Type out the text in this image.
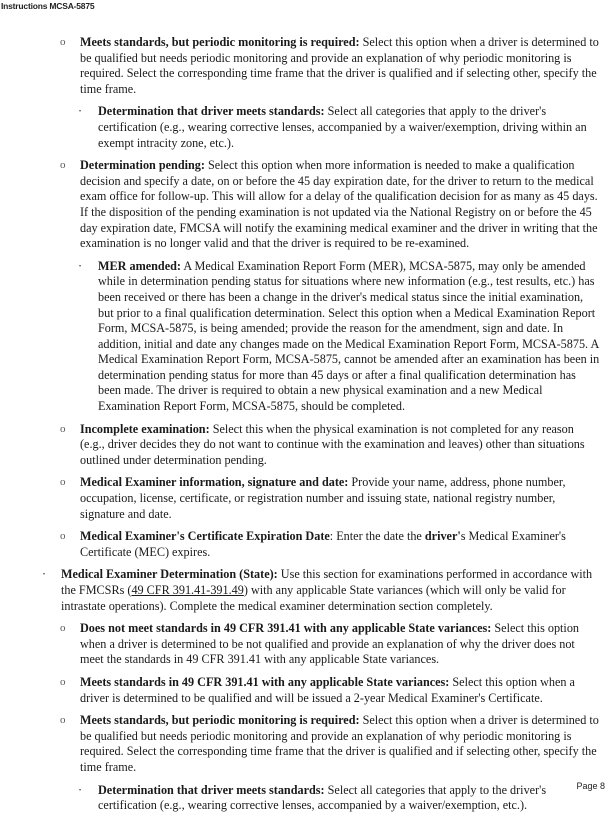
Instructions MCSA-5875
o Meets standards, but periodic monitoring is required: Select this option when a driver is determined to be qualified but needs periodic monitoring and provide an explanation of why periodic monitoring is required. Select the corresponding time frame that the driver is qualified and if selecting other, specify the time frame.

· Determination that driver meets standards: Select all categories that apply to the driver's certification (e.g., wearing corrective lenses, accompanied by a waiver/exemption, driving within an exempt intracity zone, etc.).

o Determination pending: Select this option when more information is needed to make a qualification decision and specify a date, on or before the 45 day expiration date, for the driver to return to the medical exam office for follow-up. This will allow for a delay of the qualification decision for as many as 45 days. If the disposition of the pending examination is not updated via the National Registry on or before the 45 day expiration date, FMCSA will notify the examining medical examiner and the driver in writing that the examination is no longer valid and that the driver is required to be re-examined.

· MER amended: A Medical Examination Report Form (MER), MCSA-5875, may only be amended while in determination pending status for situations where new information (e.g., test results, etc.) has been received or there has been a change in the driver's medical status since the initial examination, but prior to a final qualification determination. Select this option when a Medical Examination Report Form, MCSA-5875, is being amended; provide the reason for the amendment, sign and date. In addition, initial and date any changes made on the Medical Examination Report Form, MCSA-5875. A Medical Examination Report Form, MCSA-5875, cannot be amended after an examination has been in determination pending status for more than 45 days or after a final qualification determination has been made. The driver is required to obtain a new physical examination and a new Medical Examination Report Form, MCSA-5875, should be completed.

o Incomplete examination: Select this when the physical examination is not completed for any reason (e.g., driver decides they do not want to continue with the examination and leaves) other than situations outlined under determination pending.

o Medical Examiner information, signature and date: Provide your name, address, phone number, occupation, license, certificate, or registration number and issuing state, national registry number, signature and date.

o Medical Examiner's Certificate Expiration Date: Enter the date the driver's Medical Examiner's Certificate (MEC) expires.

· Medical Examiner Determination (State): Use this section for examinations performed in accordance with the FMCSRs (49 CFR 391.41-391.49) with any applicable State variances (which will only be valid for intrastate operations). Complete the medical examiner determination section completely.

o Does not meet standards in 49 CFR 391.41 with any applicable State variances: Select this option when a driver is determined to be not qualified and provide an explanation of why the driver does not meet the standards in 49 CFR 391.41 with any applicable State variances.

o Meets standards in 49 CFR 391.41 with any applicable State variances: Select this option when a driver is determined to be qualified and will be issued a 2-year Medical Examiner's Certificate.

o Meets standards, but periodic monitoring is required: Select this option when a driver is determined to be qualified but needs periodic monitoring and provide an explanation of why periodic monitoring is required. Select the corresponding time frame that the driver is qualified and if selecting other, specify the time frame.

· Determination that driver meets standards: Select all categories that apply to the driver's certification (e.g., wearing corrective lenses, accompanied by a waiver/exemption, etc.).

Page 8
